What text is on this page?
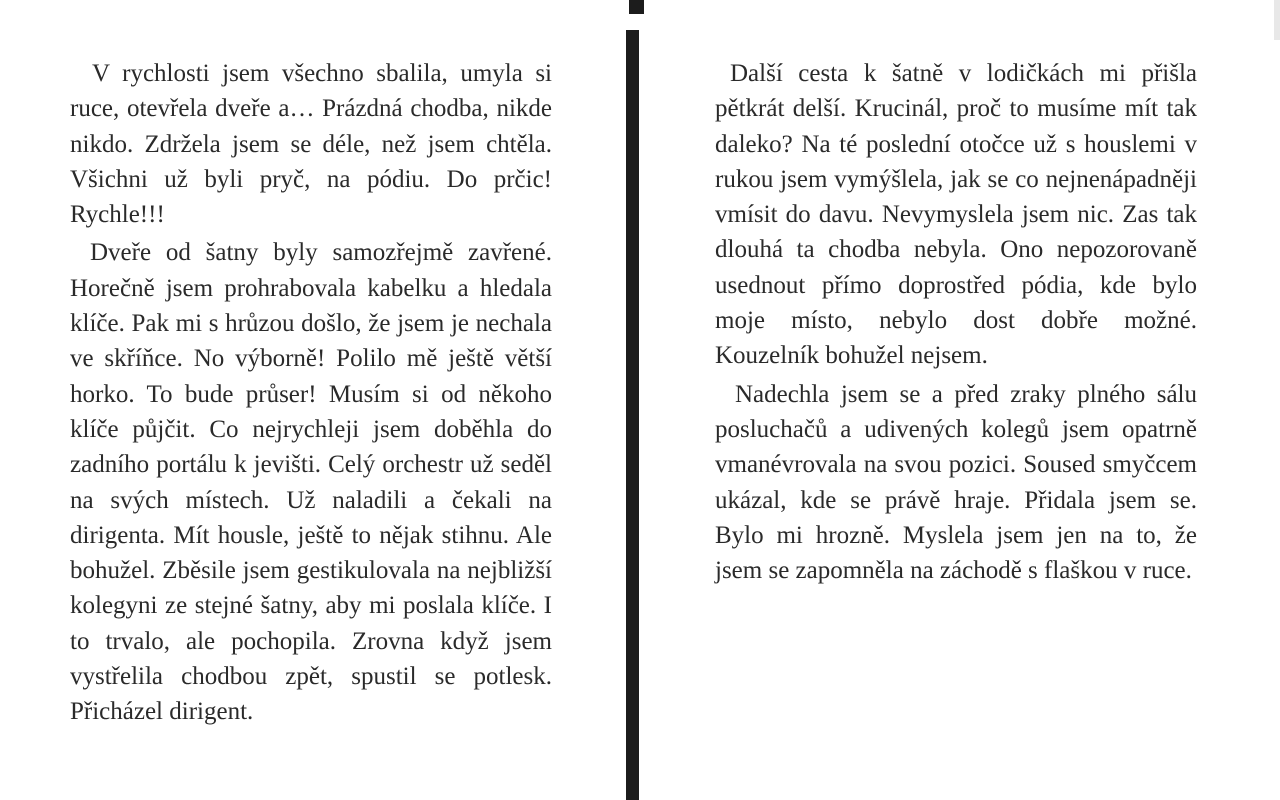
V rychlosti jsem všechno sbalila, umyla si ruce, otevřela dveře a… Prázdná chodba, nikde nikdo. Zdržela jsem se déle, než jsem chtěla. Všichni už byli pryč, na pódiu. Do prčic! Rychle!!!

Dveře od šatny byly samozřejmě zavřené. Horečně jsem prohrabovala kabelku a hledala klíče. Pak mi s hrůzou došlo, že jsem je nechala ve skříňce. No výborně! Polilo mě ještě větší horko. To bude průser! Musím si od někoho klíče půjčit. Co nejrychleji jsem doběhla do zadního portálu k jevišti. Celý orchestr už seděl na svých místech. Už naladili a čekali na dirigenta. Mít housle, ještě to nějak stihnu. Ale bohužel. Zběsile jsem gestikulovala na nejbližší kolegyni ze stejné šatny, aby mi poslala klíče. I to trvalo, ale pochopila. Zrovna když jsem vystřelila chodbou zpět, spustil se potlesk. Přicházel dirigent.

Další cesta k šatně v lodičkách mi přišla pětkrát delší. Krucinál, proč to musíme mít tak daleko? Na té poslední otočce už s houslemi v rukou jsem vymýšlela, jak se co nejnenápadněji vmísit do davu. Nevymyslela jsem nic. Zas tak dlouhá ta chodba nebyla. Ono nepozorovaně usednout přímo doprostřed pódia, kde bylo moje místo, nebylo dost dobře možné. Kouzelník bohužel nejsem.

Nadechla jsem se a před zraky plného sálu posluchačů a udivených kolegů jsem opatrně vmanévrovala na svou pozici. Soused smyčcem ukázal, kde se právě hraje. Přidala jsem se. Bylo mi hrozně. Myslela jsem jen na to, že jsem se zapomněla na záchodě s flaškou v ruce.
